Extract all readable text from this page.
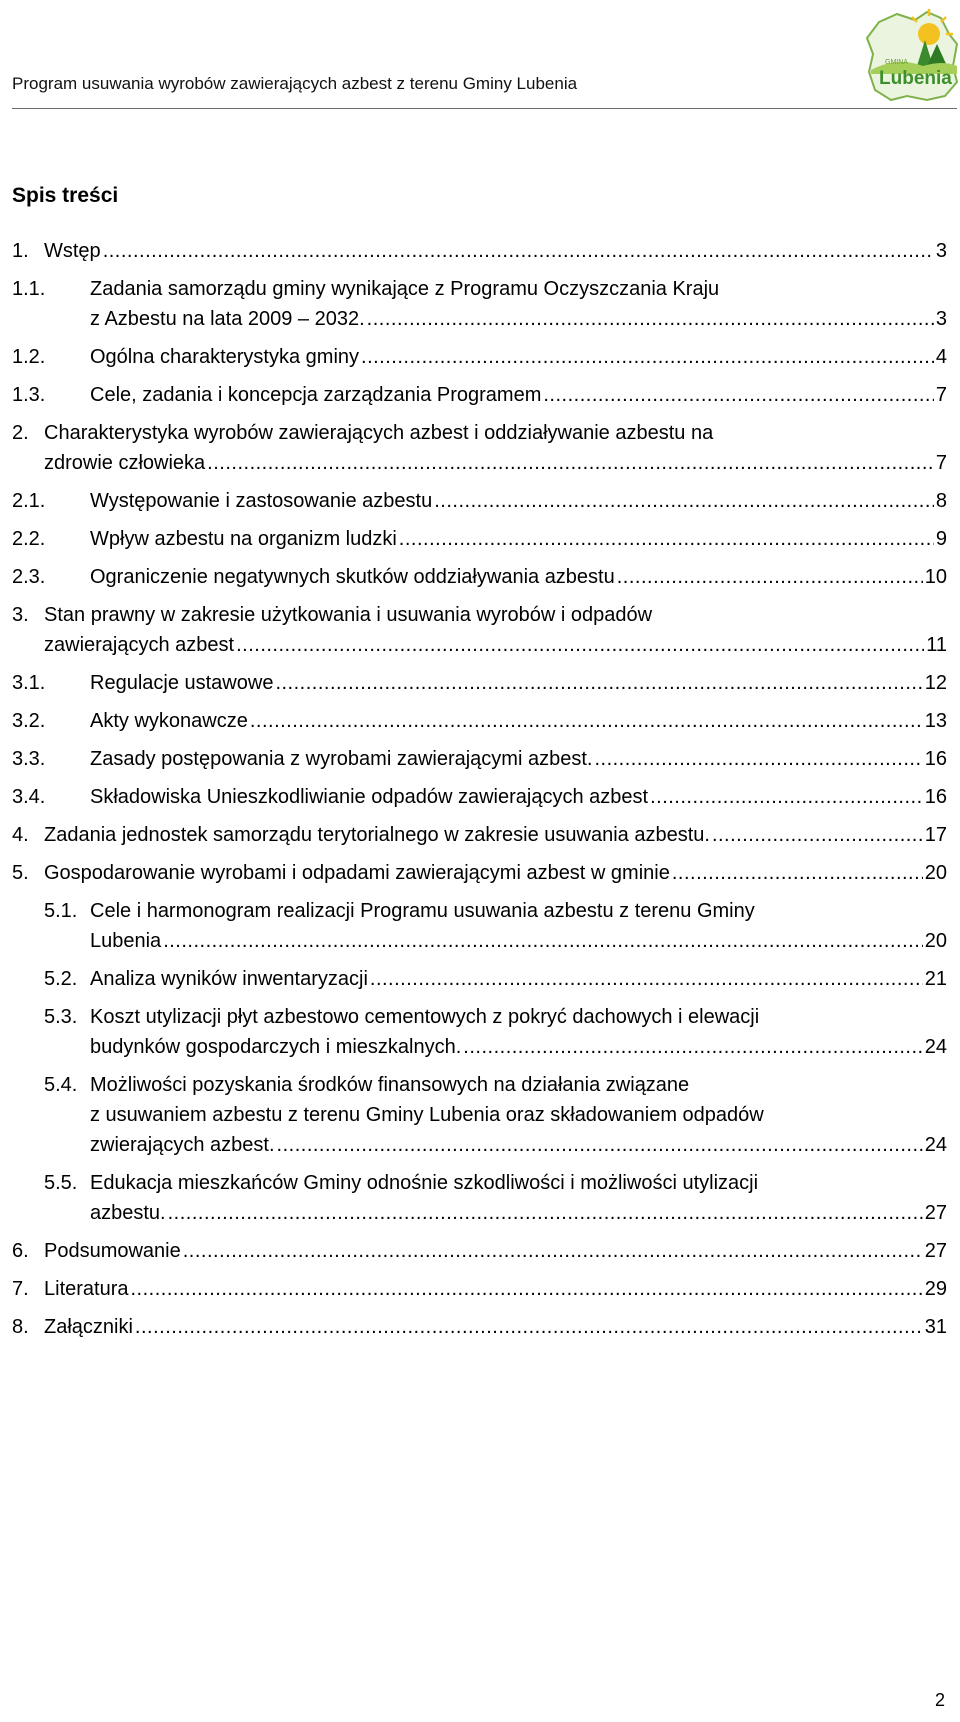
Program usuwania wyrobów zawierających azbest z terenu Gminy Lubenia
GMINA
Lubenia
Spis treści
1. Wstęp .....	3
1.1.	Zadania samorządu gminy wynikające z Programu Oczyszczania Kraju
z Azbestu na lata 2009 – 2032. .....	3
1.2.	Ogólna charakterystyka gminy .....	4
1.3.	Cele, zadania i koncepcja zarządzania Programem .....	7
2. Charakterystyka wyrobów zawierających azbest i oddziaływanie azbestu na
zdrowie człowieka .....	7
2.1.	Występowanie i zastosowanie azbestu .....	8
2.2.	Wpływ azbestu na organizm ludzki .....	9
2.3.	Ograniczenie negatywnych skutków oddziaływania azbestu .....	10
3. Stan prawny w zakresie użytkowania i usuwania wyrobów i odpadów
zawierających azbest .....	11
3.1.	Regulacje ustawowe .....	12
3.2.	Akty wykonawcze .....	13
3.3.	Zasady postępowania z wyrobami zawierającymi azbest. .....	16
3.4.	Składowiska Unieszkodliwianie odpadów zawierających azbest .....	16
4. Zadania jednostek samorządu terytorialnego w zakresie usuwania azbestu. .....	17
5. Gospodarowanie wyrobami i odpadami zawierającymi azbest w gminie .....	20
5.1. Cele i harmonogram realizacji Programu usuwania azbestu z terenu Gminy
Lubenia .....	20
5.2. Analiza wyników inwentaryzacji .....	21
5.3. Koszt utylizacji płyt azbestowo cementowych z pokryć dachowych i elewacji
budynków gospodarczych i mieszkalnych. .....	24
5.4. Możliwości pozyskania środków finansowych na działania związane
z usuwaniem azbestu z terenu Gminy Lubenia oraz składowaniem odpadów
zwierających azbest. .....	24
5.5. Edukacja mieszkańców Gminy odnośnie szkodliwości i możliwości utylizacji
azbestu. .....	27
6. Podsumowanie .....	27
7. Literatura .....	29
8. Załączniki .....	31
2
